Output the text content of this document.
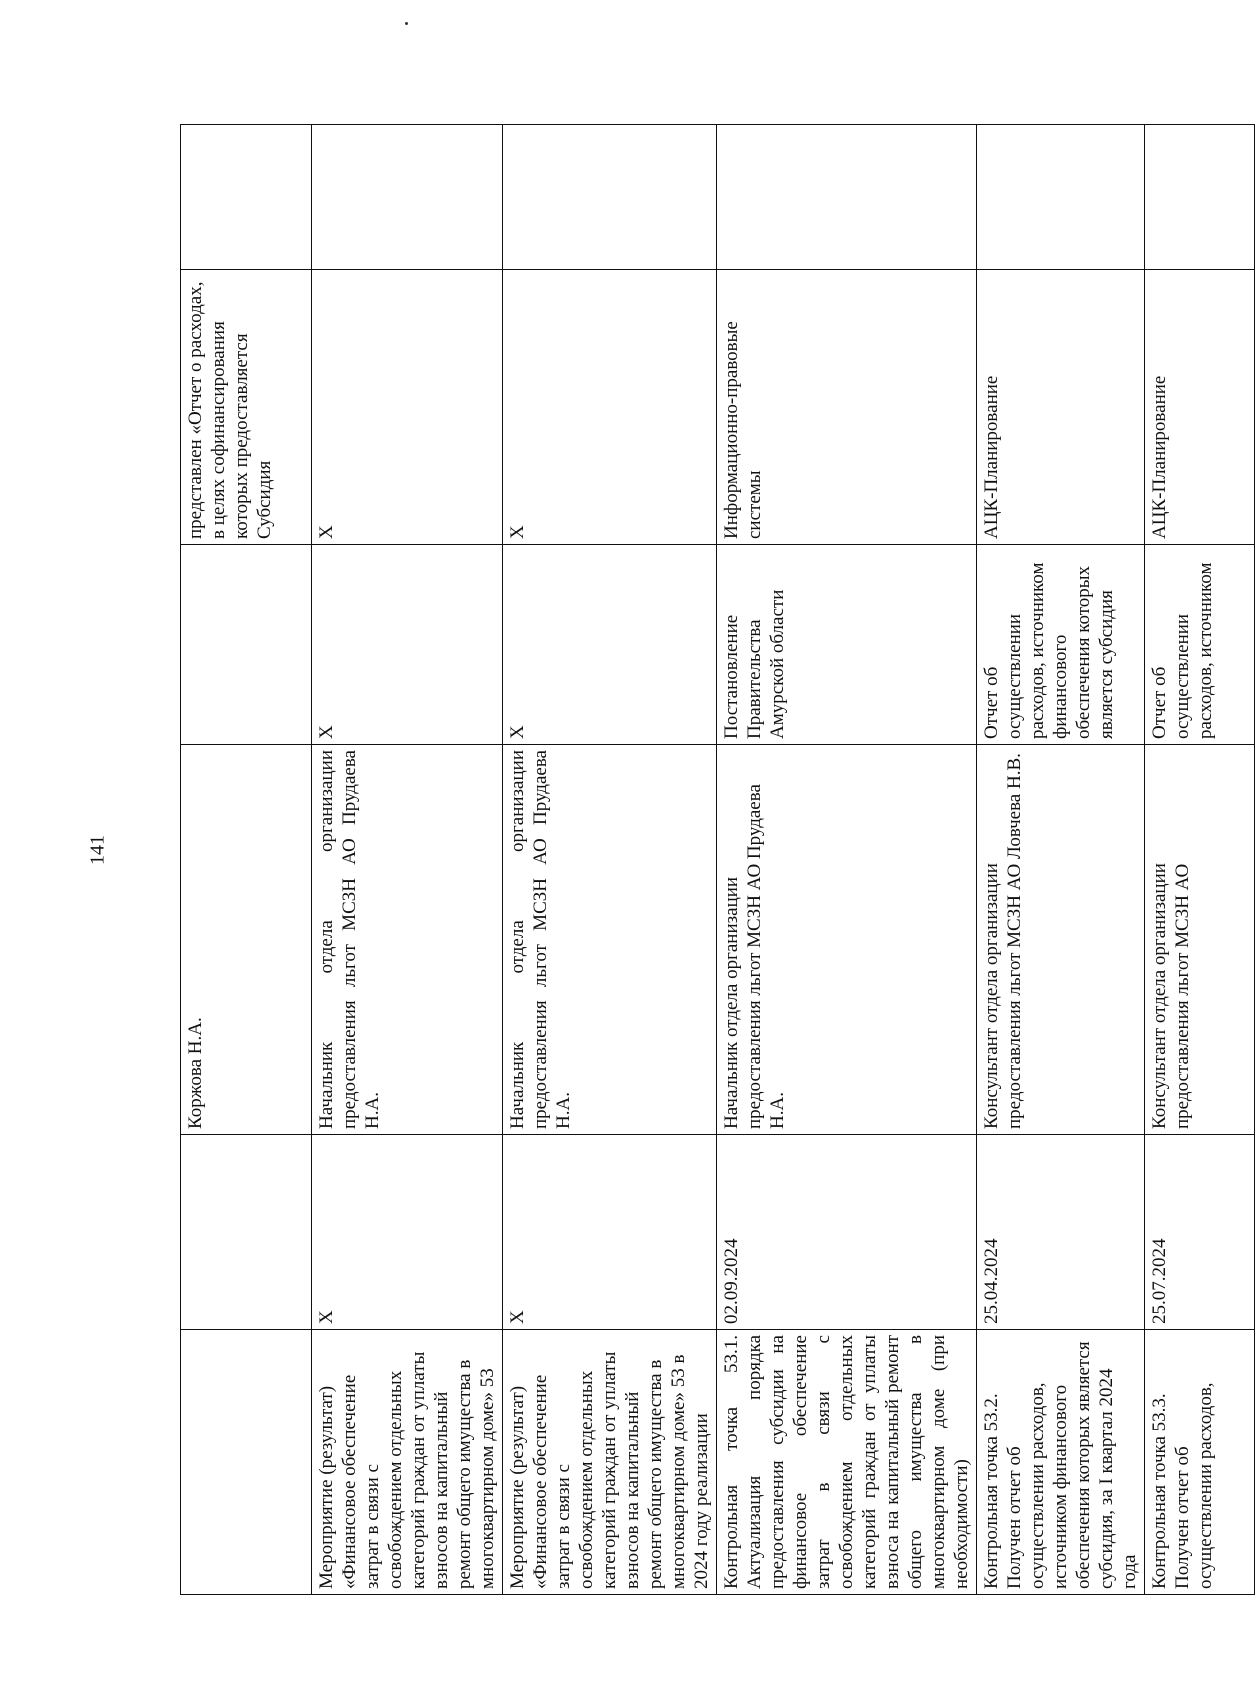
141
		Коржова Н.А.		представлен «Отчет о расходах, в целях софинансирования которых предоставляется Субсидия	
Мероприятие (результат) «Финансовое обеспечение затрат в связи с освобождением отдельных категорий граждан от уплаты взносов на капитальный ремонт общего имущества в многоквартирном доме» 53	Х	Начальник отдела организации предоставления льгот МСЗН АО Прудаева Н.А.	Х	Х	
Мероприятие (результат) «Финансовое обеспечение затрат в связи с освобождением отдельных категорий граждан от уплаты взносов на капитальный ремонт общего имущества в многоквартирном доме» 53 в 2024 году реализации	Х	Начальник отдела организации предоставления льгот МСЗН АО Прудаева Н.А.	Х	Х	
Контрольная точка 53.1. Актуализация порядка предоставления субсидии на финансовое обеспечение затрат в связи с освобождением отдельных категорий граждан от уплаты взноса на капитальный ремонт общего имущества в многоквартирном доме (при необходимости)	02.09.2024	Начальник отдела организации предоставления льгот МСЗН АО Прудаева Н.А.	Постановление Правительства Амурской области	Информационно-правовые системы	
Контрольная точка 53.2. Получен отчет об осуществлении расходов, источником финансового обеспечения которых является субсидия, за I квартал 2024 года	25.04.2024	Консультант отдела организации предоставления льгот МСЗН АО Ловчева Н.В.	Отчет об осуществлении расходов, источником финансового обеспечения которых является субсидия	АЦК-Планирование	
Контрольная точка 53.3. Получен отчет об осуществлении расходов,	25.07.2024	Консультант отдела организации предоставления льгот МСЗН АО	Отчет об осуществлении расходов, источником	АЦК-Планирование	
